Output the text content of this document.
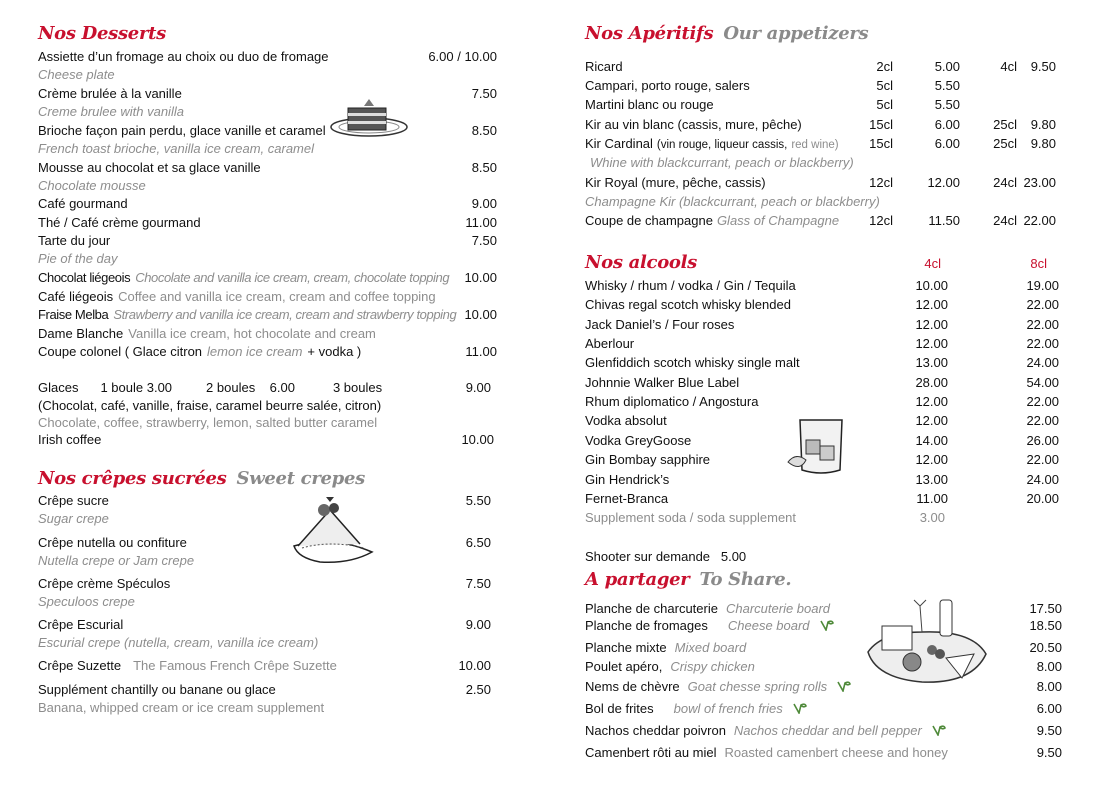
Nos Desserts
Assiette d’un fromage au choix ou duo de fromage	6.00 / 10.00
Cheese plate
Crème brulée à la vanille	7.50
Creme brulee with vanilla
Brioche façon pain perdu, glace vanille et caramel	8.50
French toast brioche, vanilla ice cream, caramel
Mousse au chocolat et sa glace vanille	8.50
Chocolate mousse
Café gourmand	9.00
Thé / Café crème gourmand	11.00
Tarte du jour	7.50
Pie of the day
Chocolat liégeois Chocolate and vanilla ice cream, cream, chocolate topping 10.00
Café liégeois Coffee and vanilla ice cream, cream and coffee topping
Fraise Melba Strawberry and vanilla ice cream, cream and strawberry topping 10.00
Dame Blanche Vanilla ice cream, hot chocolate and cream
Coupe colonel ( Glace citron lemon ice cream + vodka )	11.00
Glaces 1 boule 3.00	2 boules    6.00	3 boules	9.00
(Chocolat, café, vanille, fraise, caramel beurre salée, citron)
Chocolate, coffee, strawberry, lemon, salted butter caramel
Irish coffee	10.00
Nos crêpes sucrées Sweet crepes
Crêpe sucre	5.50
Sugar crepe
Crêpe nutella ou confiture	6.50
Nutella crepe or Jam crepe
Crêpe crème Spéculos	7.50
Speculoos crepe
Crêpe Escurial	9.00
Escurial crepe (nutella, cream, vanilla ice cream)
Crêpe Suzette The Famous French Crêpe Suzette	10.00
Supplément chantilly ou banane ou glace	2.50
Banana, whipped cream or ice cream supplement
Nos Apéritifs Our appetizers
Ricard	2cl	5.00	4cl 9.50
Campari, porto rouge, salers	5cl	5.50
Martini blanc ou rouge	5cl	5.50
Kir au vin blanc (cassis, mure, pêche)	15cl	6.00	25cl 9.80
Kir Cardinal (vin rouge, liqueur cassis, red wine) 15cl	6.00	25cl 9.80
Whine with blackcurrant, peach or blackberry)
Kir Royal (mure, pêche, cassis)	12cl	12.00	24cl 23.00
Champagne Kir (blackcurrant, peach or blackberry)
Coupe de champagne Glass of Champagne 12cl	11.50	24cl 22.00
Nos alcools	4cl	8cl
Whisky / rhum / vodka / Gin / Tequila	10.00	19.00
Chivas regal scotch whisky blended	12.00	22.00
Jack Daniel’s / Four roses	12.00	22.00
Aberlour	12.00	22.00
Glenfiddich scotch whisky single malt	13.00	24.00
Johnnie Walker Blue Label	28.00	54.00
Rhum diplomatico / Angostura	12.00	22.00
Vodka absolut	12.00	22.00
Vodka GreyGoose	14.00	26.00
Gin Bombay sapphire	12.00	22.00
Gin Hendrick’s	13.00	24.00
Fernet-Branca	11.00	20.00
Supplement soda / soda supplement	3.00
Shooter sur demande   5.00
A partager To Share.
Planche de charcuterie Charcuterie board	17.50
Planche de fromages Cheese board	18.50
Planche mixte Mixed board	20.50
Poulet apéro, Crispy chicken	8.00
Nems de chèvre Goat chesse spring rolls	8.00
Bol de frites bowl of french fries	6.00
Nachos cheddar poivron Nachos cheddar and bell pepper	9.50
Camenbert rôti au miel Roasted camenbert cheese and honey	9.50
